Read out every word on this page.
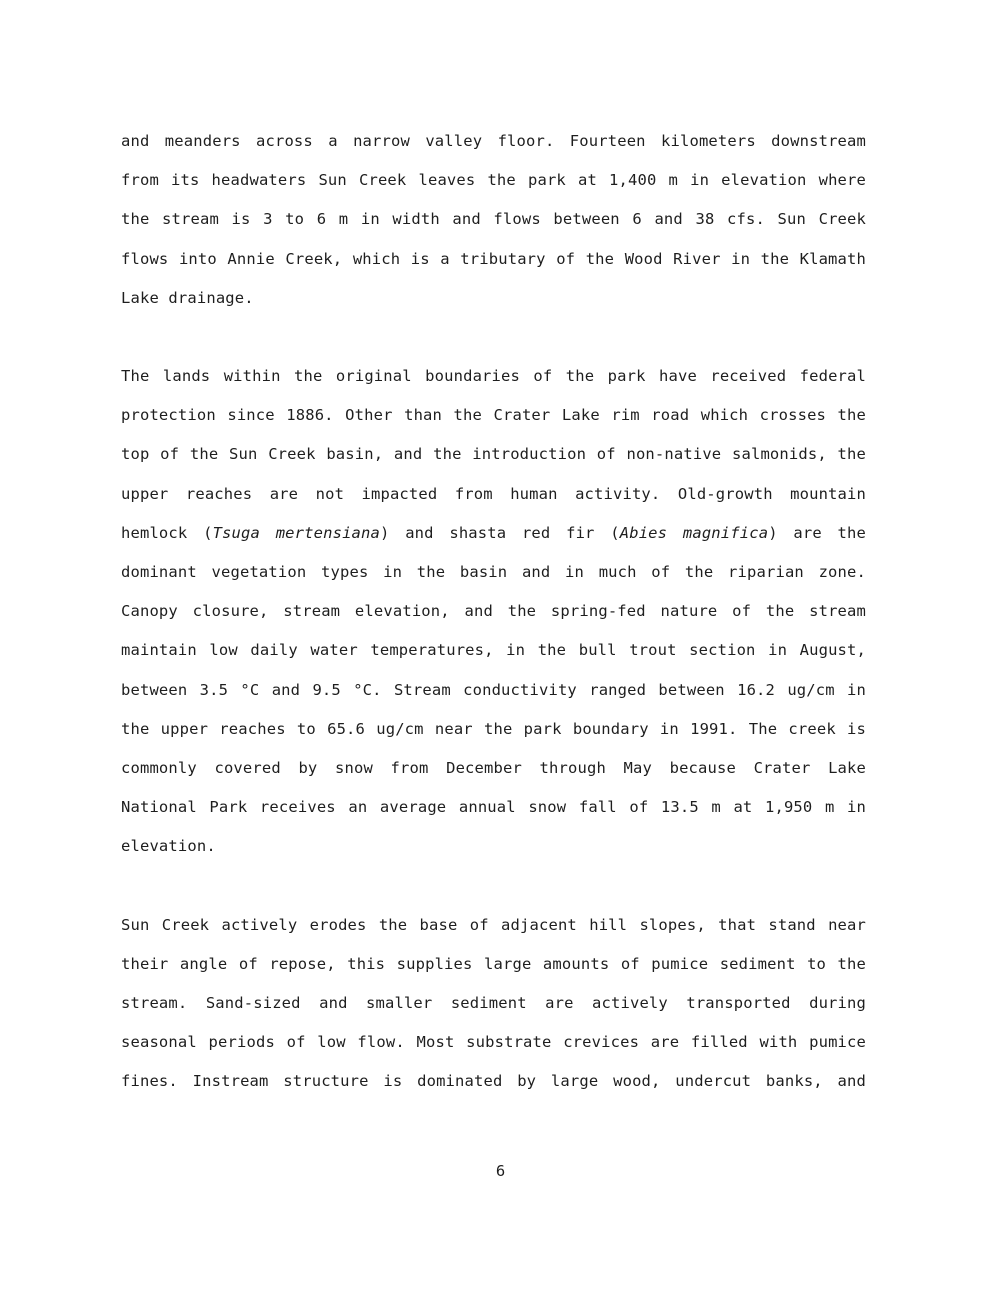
and meanders across a narrow valley floor. Fourteen kilometers downstream
from its headwaters Sun Creek leaves the park at 1,400 m in elevation where
the stream is 3 to 6 m in width and flows between 6 and 38 cfs. Sun Creek
flows into Annie Creek, which is a tributary of the Wood River in the Klamath
Lake drainage.

The lands within the original boundaries of the park have received federal
protection since 1886. Other than the Crater Lake rim road which crosses the
top of the Sun Creek basin, and the introduction of non-native salmonids, the
upper reaches are not impacted from human activity. Old-growth mountain
hemlock (Tsuga mertensiana) and shasta red fir (Abies magnifica) are the
dominant vegetation types in the basin and in much of the riparian zone.
Canopy closure, stream elevation, and the spring-fed nature of the stream
maintain low daily water temperatures, in the bull trout section in August,
between 3.5 °C and 9.5 °C. Stream conductivity ranged between 16.2 ug/cm in
the upper reaches to 65.6 ug/cm near the park boundary in 1991. The creek is
commonly covered by snow from December through May because Crater Lake
National Park receives an average annual snow fall of 13.5 m at 1,950 m in
elevation.

Sun Creek actively erodes the base of adjacent hill slopes, that stand near
their angle of repose, this supplies large amounts of pumice sediment to the
stream. Sand-sized and smaller sediment are actively transported during
seasonal periods of low flow. Most substrate crevices are filled with pumice
fines. Instream structure is dominated by large wood, undercut banks, and

6
